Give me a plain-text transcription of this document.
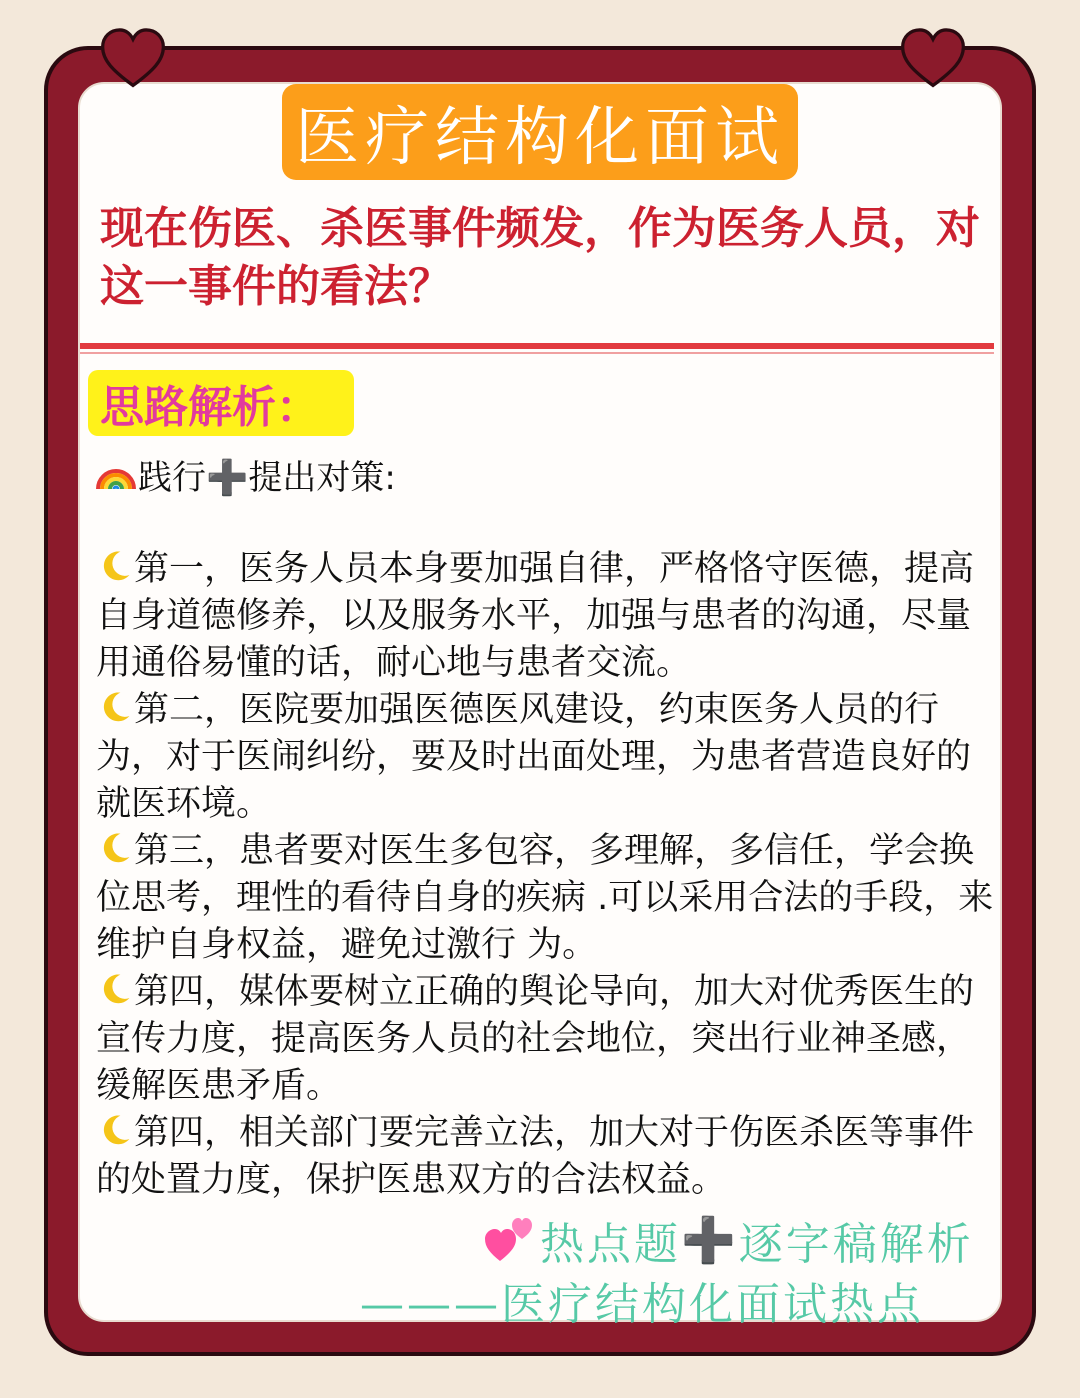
医疗结构化面试
现在伤医、杀医事件频发，作为医务人员，对这一事件的看法？
思路解析：
践行➕提出对策:
第一，医务人员本身要加强自律，严格恪守医德，提高自身道德修养，以及服务水平，加强与患者的沟通，尽量用通俗易懂的话，耐心地与患者交流。
第二，医院要加强医德医风建设，约束医务人员的行为，对于医闹纠纷，要及时出面处理，为患者营造良好的就医环境。
第三，患者要对医生多包容，多理解，多信任，学会换位思考，理性的看待自身的疾病 .可以采用合法的手段，来维护自身权益，避免过激行 为。
第四，媒体要树立正确的舆论导向，加大对优秀医生的宣传力度，提高医务人员的社会地位，突出行业神圣感，缓解医患矛盾。
第四，相关部门要完善立法，加大对于伤医杀医等事件的处置力度，保护医患双方的合法权益。
热点题 ➕ 逐字稿解析
———医疗结构化面试热点
